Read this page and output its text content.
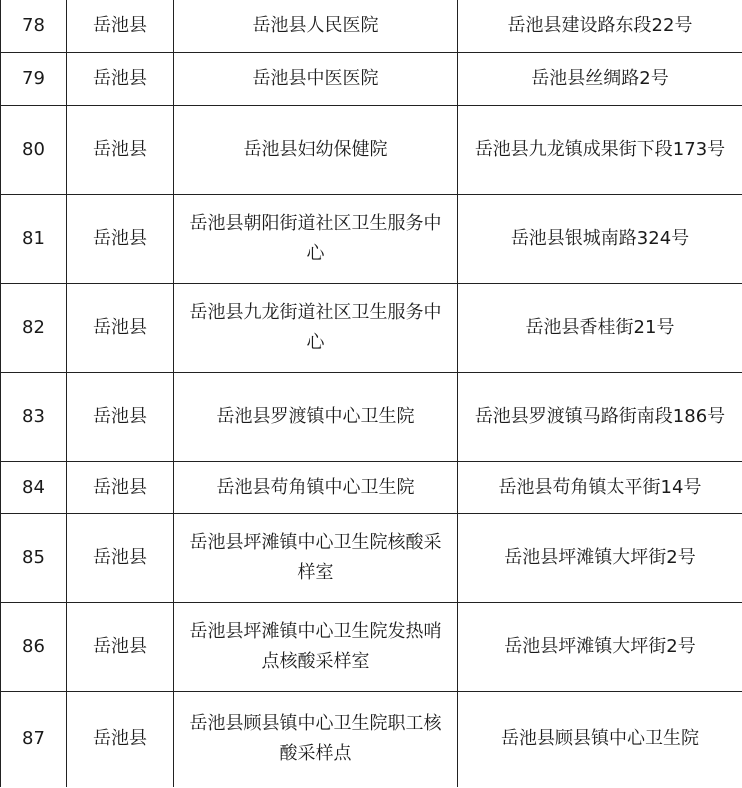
78	岳池县	岳池县人民医院	岳池县建设路东段22号
79	岳池县	岳池县中医医院	岳池县丝绸路2号
80	岳池县	岳池县妇幼保健院	岳池县九龙镇成果街下段173号
81	岳池县	岳池县朝阳街道社区卫生服务中心	岳池县银城南路324号
82	岳池县	岳池县九龙街道社区卫生服务中心	岳池县香桂街21号
83	岳池县	岳池县罗渡镇中心卫生院	岳池县罗渡镇马路街南段186号
84	岳池县	岳池县苟角镇中心卫生院	岳池县苟角镇太平街14号
85	岳池县	岳池县坪滩镇中心卫生院核酸采样室	岳池县坪滩镇大坪街2号
86	岳池县	岳池县坪滩镇中心卫生院发热哨点核酸采样室	岳池县坪滩镇大坪街2号
87	岳池县	岳池县顾县镇中心卫生院职工核酸采样点	岳池县顾县镇中心卫生院
